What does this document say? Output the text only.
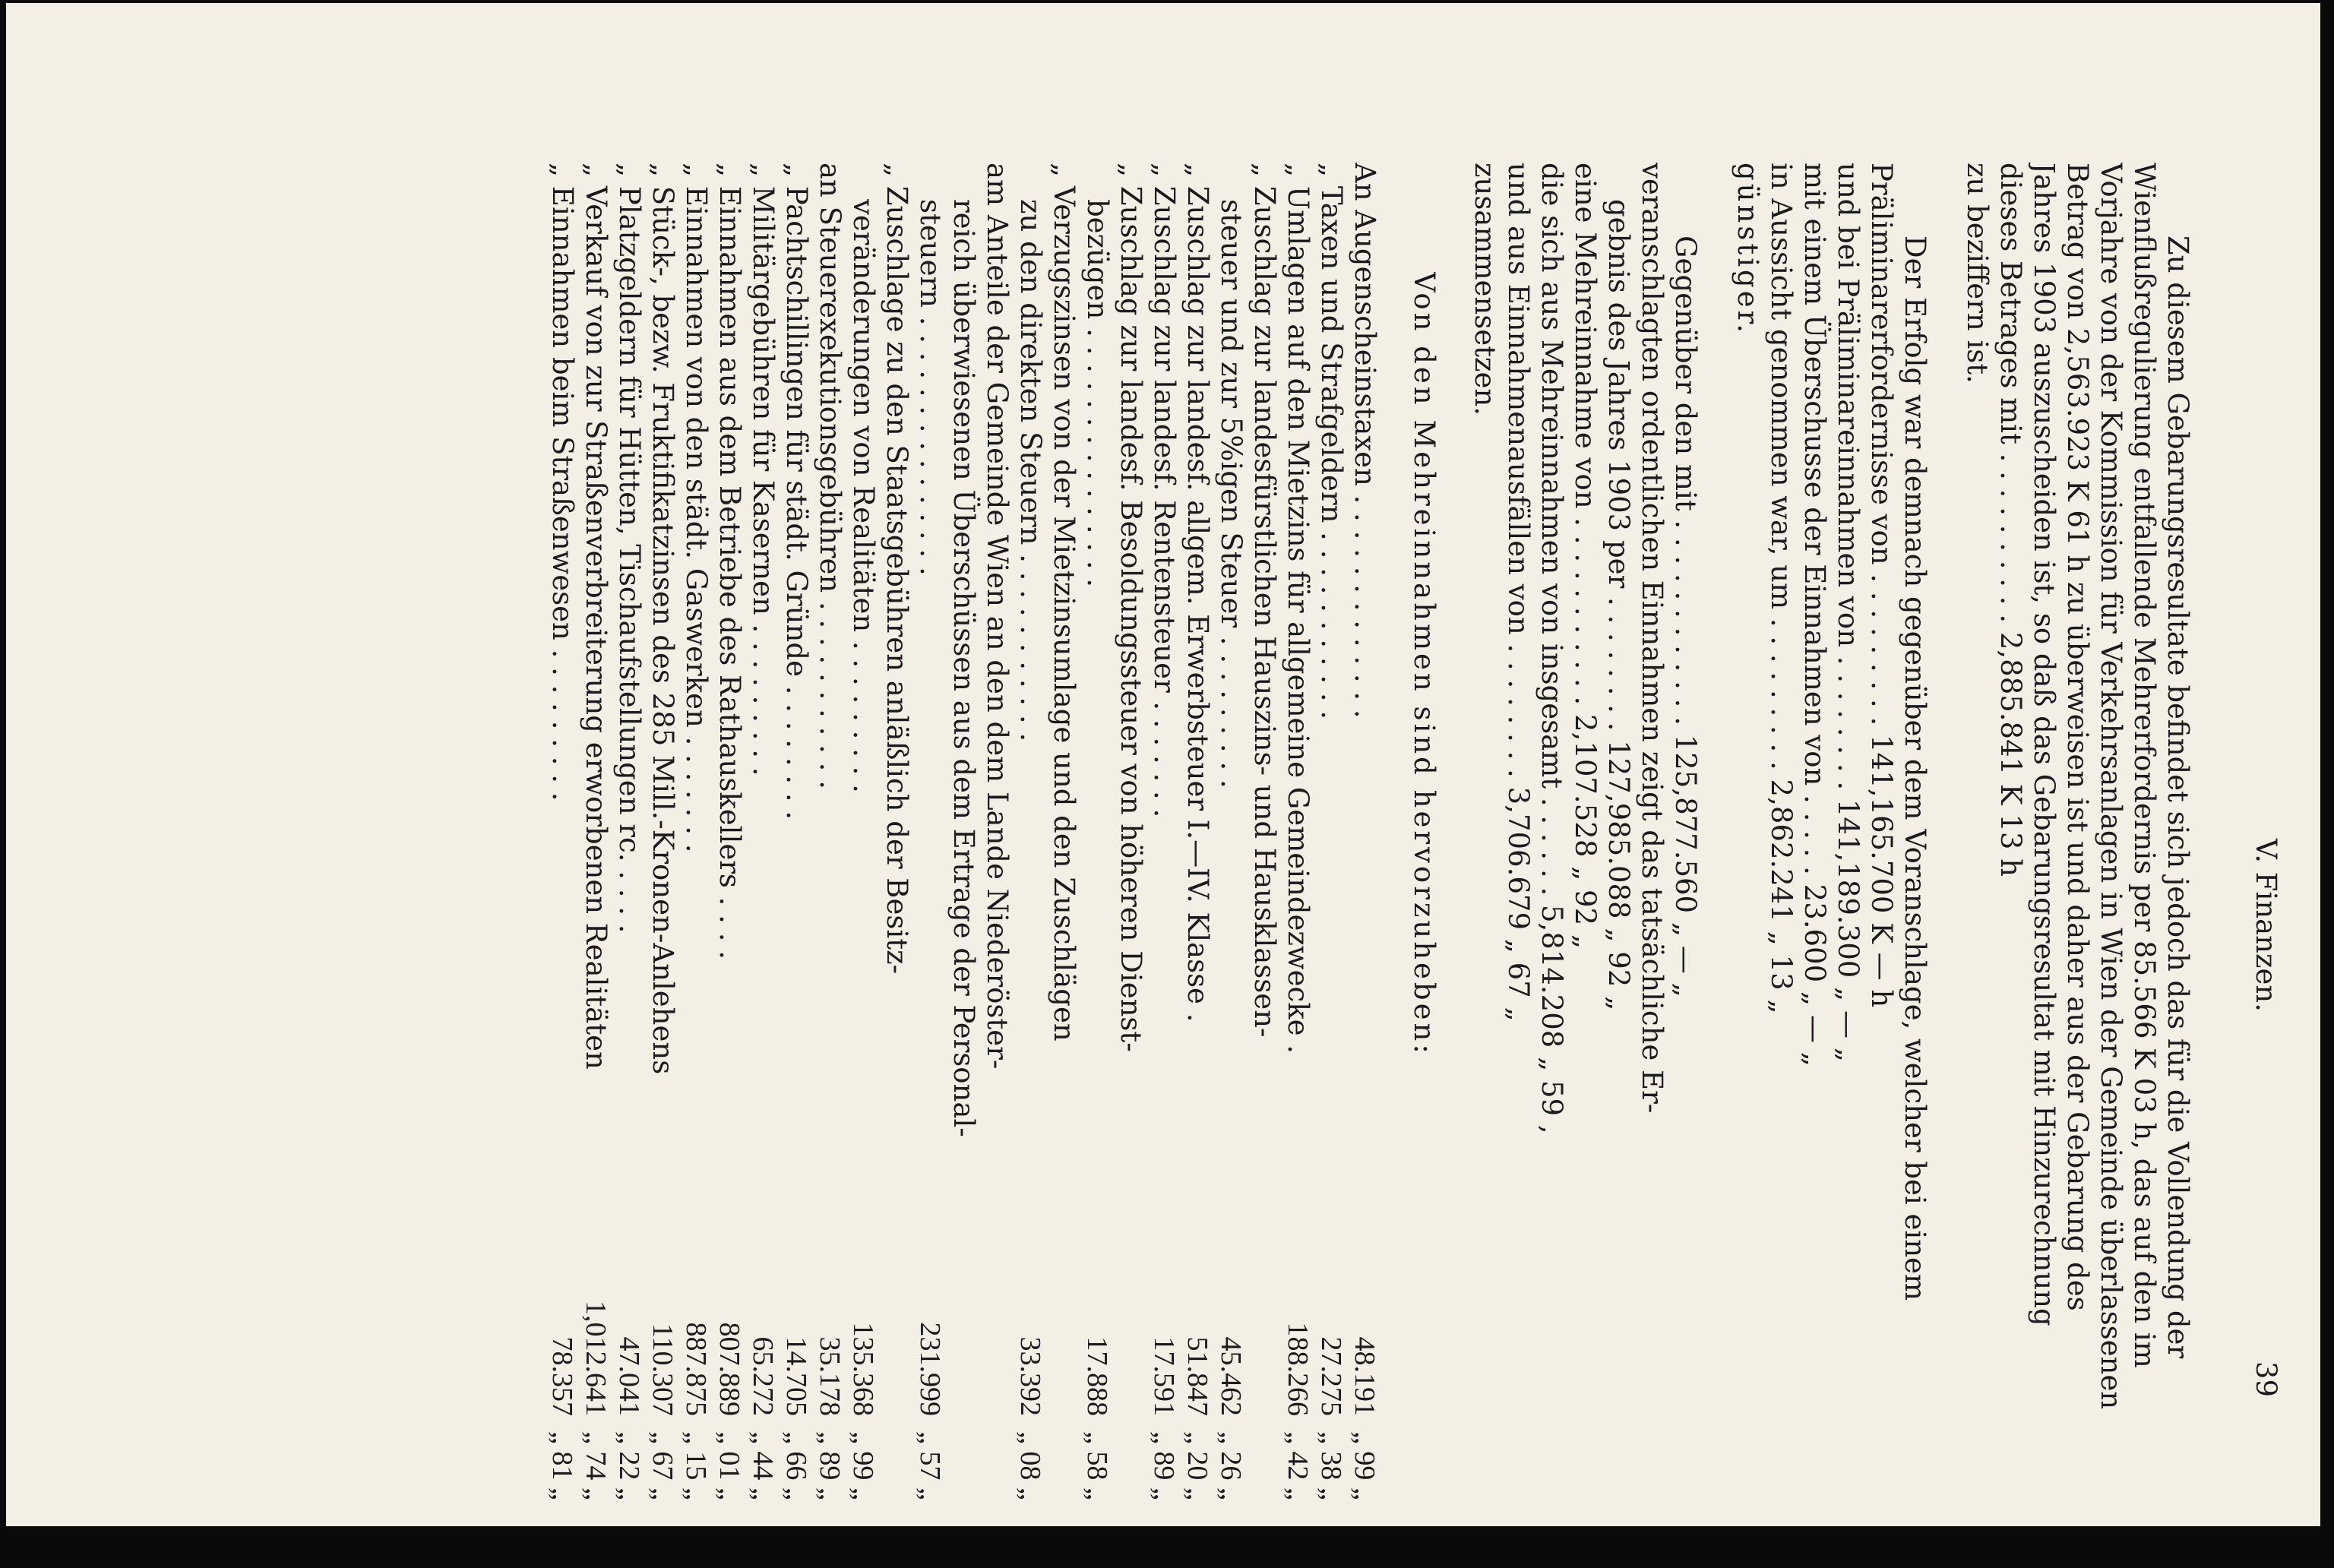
V. Finanzen.
39
Zu diesem Gebarungsresultate befindet sich jedoch das für die Vollendung der
Wienflußregulierung entfallende Mehrerfordernis per 85.566 K 03 h, das auf den im
Vorjahre von der Kommission für Verkehrsanlagen in Wien der Gemeinde überlassenen
Betrag von 2,563.923 K 61 h zu überweisen ist und daher aus der Gebarung des
Jahres 1903 auszuscheiden ist, so daß das Gebarungsresultat mit Hinzurechnung
dieses Betrages mit . . . . . . . . . . 2,885.841 K 13 h
zu beziffern ist.
Der Erfolg war demnach gegenüber dem Voranschlage, welcher bei einem
Präliminarerfordernisse von . . . . . . . . . 141,165.700 K — h
und bei Präliminareinnahmen von . . . . . . . . 141,189.300 „ — „
mit einem Überschusse der Einnahmen von . . . . . 23.600 „ — „
in Aussicht genommen war, um . . . . . . . . . 2,862.241 „ 13 „
günstiger.
Gegenüber den mit . . . . . . . . . . . . 125,877.560 „ — „
veranschlagten ordentlichen Einnahmen zeigt das tatsächliche Er-
gebnis des Jahres 1903 per . . . . . . . . 127,985.088 „ 92 „
eine Mehreinnahme von . . . . . . . . . . . 2,107.528 „ 92 „
die sich aus Mehreinnahmen von insgesamt . . . . . . 5,814.208 „ 59 ,
und aus Einnahmenausfällen von . . . . . . . . 3,706.679 „ 67 „
zusammensetzen.
Von den Mehreinnahmen sind hervorzuheben:
An Augenscheinstaxen . . . . . . . . . . . . .
48.191
„ 99 „
„ Taxen und Strafgeldern . . . . . . . . . . .
27.275
„ 38 „
„ Umlagen auf den Mietzins für allgemeine Gemeindezwecke .
188.266
„ 42 „
„ Zuschlag zur landesfürstlichen Hauszins- und Hausklassen-
steuer und zur 5%igen Steuer . . . . . . . . .
45.462
„ 26 „
„ Zuschlag zur landesf. allgem. Erwerbsteuer I.—IV. Klasse .
51.847
„ 20 „
„ Zuschlag zur landesf. Rentensteuer . . . . . . .
17.591
„ 89 „
„ Zuschlag zur landesf. Besoldungssteuer von höheren Dienst-
bezügen . . . . . . . . . . . . . . .
17.888
„ 58 „
„ Verzugszinsen von der Mietzinsumlage und den Zuschlägen
zu den direkten Steuern . . . . . . . . . . .
33.392
„ 08 „
am Anteile der Gemeinde Wien an den dem Lande Niederöster-
reich überwiesenen Überschüssen aus dem Ertrage der Personal-
steuern . . . . . . . . . . . . . . .
231.999
„ 57 „
„ Zuschlage zu den Staatsgebühren anläßlich der Besitz-
veränderungen von Realitäten . . . . . . . . .
135.368
„ 99 „
an Steuerexekutionsgebühren . . . . . . . . . . .
35.178
„ 89 „
„ Pachtschillingen für städt. Gründe . . . . . . . .
14.705
„ 66 „
„ Militärgebühren für Kasernen . . . . . . . . .
65.272
„ 44 „
„ Einnahmen aus dem Betriebe des Rathauskellers . . . .
807.889
„ 01 „
„ Einnahmen von den städt. Gaswerken . . . . . . .
887.875
„ 15 „
„ Stück-, bezw. Fruktifikatzinsen des 285 Mill.-Kronen-Anlehens
110.307
„ 67 „
„ Platzgeldern für Hütten, Tischaufstellungen rc. . . . .
47.041
„ 22 „
„ Verkauf von zur Straßenverbreiterung erworbenen Realitäten
1,012.641
„ 74 „
„ Einnahmen beim Straßenwesen . . . . . . . . .
78.357
„ 81 „
